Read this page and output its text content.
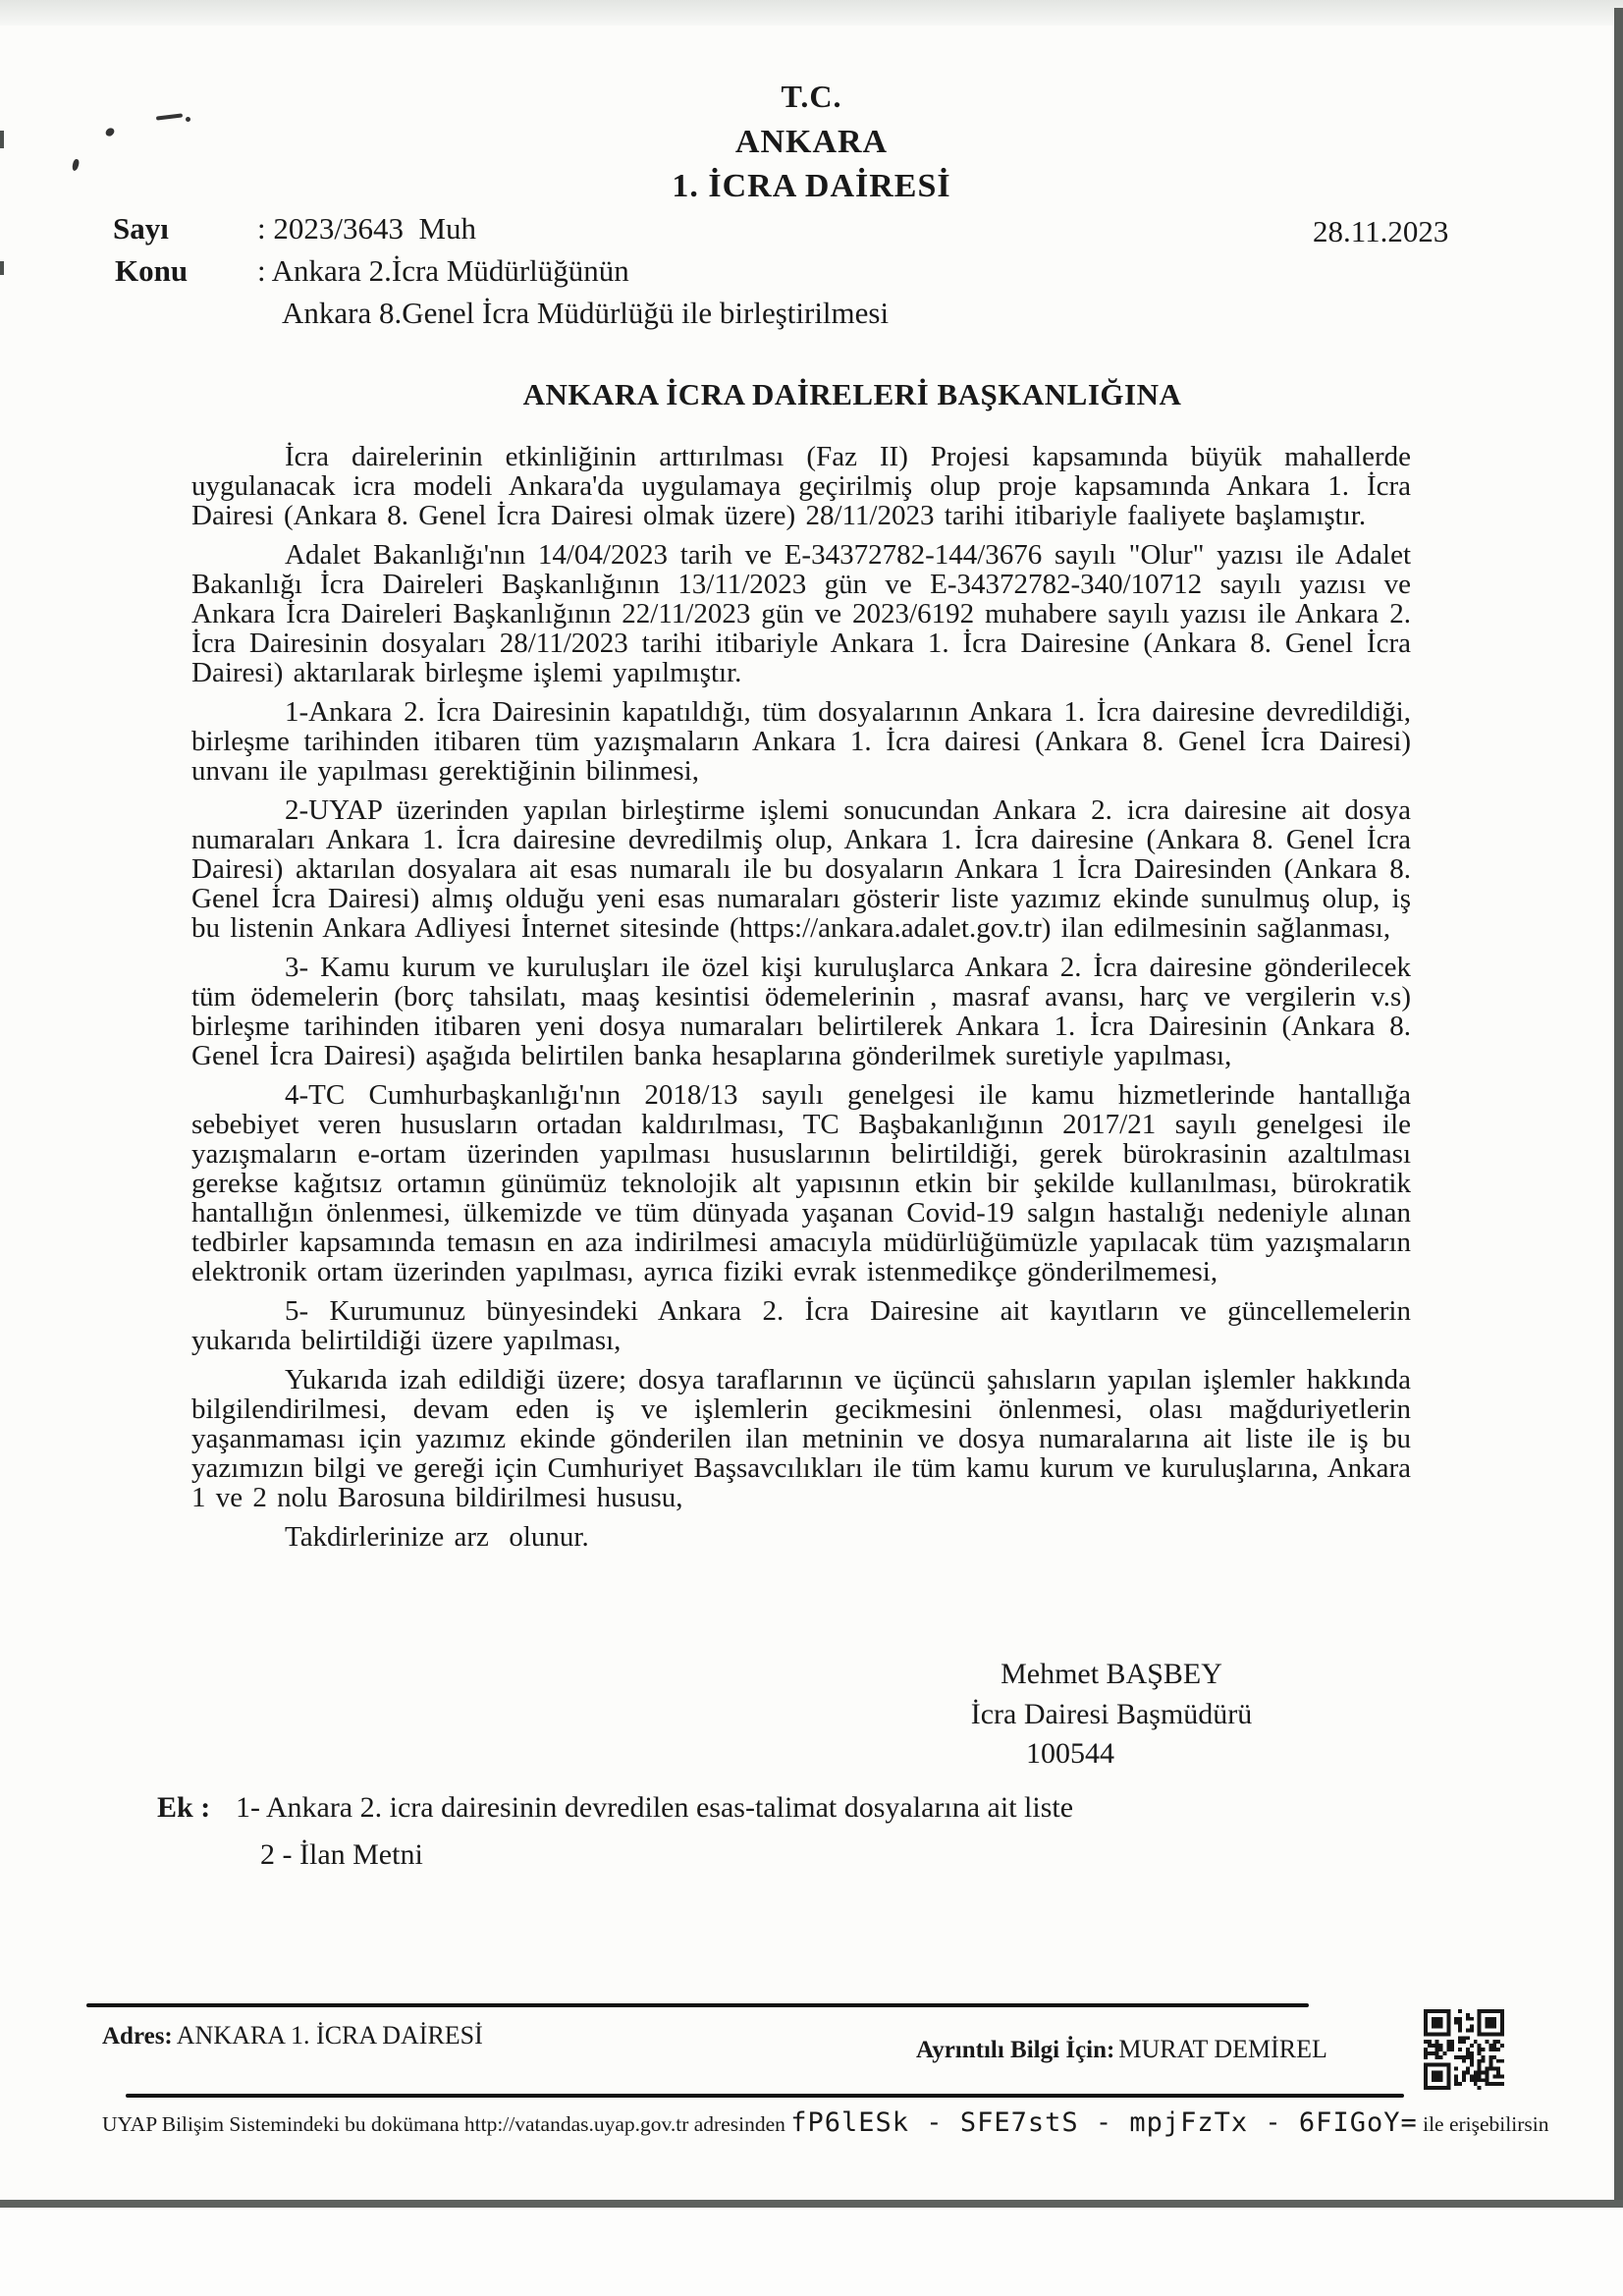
T.C.
ANKARA
1. İCRA DAİRESİ
Sayı	: 2023/3643  Muh	28.11.2023
Konu : Ankara 2.İcra Müdürlüğünün
Ankara 8.Genel İcra Müdürlüğü ile birleştirilmesi
ANKARA İCRA DAİRELERİ BAŞKANLIĞINA

İcra dairelerinin etkinliğinin arttırılması (Faz II) Projesi kapsamında büyük mahallerde uygulanacak icra modeli Ankara'da uygulamaya geçirilmiş olup proje kapsamında Ankara 1. İcra Dairesi (Ankara 8. Genel İcra Dairesi olmak üzere) 28/11/2023 tarihi itibariyle faaliyete başlamıştır.

Adalet Bakanlığı'nın 14/04/2023 tarih ve E-34372782-144/3676 sayılı "Olur" yazısı ile Adalet Bakanlığı İcra Daireleri Başkanlığının 13/11/2023 gün ve E-34372782-340/10712 sayılı yazısı ve Ankara İcra Daireleri Başkanlığının 22/11/2023 gün ve 2023/6192 muhabere sayılı yazısı ile Ankara 2. İcra Dairesinin dosyaları 28/11/2023 tarihi itibariyle Ankara 1. İcra Dairesine (Ankara 8. Genel İcra Dairesi) aktarılarak birleşme işlemi yapılmıştır.

1-Ankara 2. İcra Dairesinin kapatıldığı, tüm dosyalarının Ankara 1. İcra dairesine devredildiği, birleşme tarihinden itibaren tüm yazışmaların Ankara 1. İcra dairesi (Ankara 8. Genel İcra Dairesi) unvanı ile yapılması gerektiğinin bilinmesi,

2-UYAP üzerinden yapılan birleştirme işlemi sonucundan Ankara 2. icra dairesine ait dosya numaraları Ankara 1. İcra dairesine devredilmiş olup, Ankara 1. İcra dairesine (Ankara 8. Genel İcra Dairesi) aktarılan dosyalara ait esas numaralı ile bu dosyaların Ankara 1 İcra Dairesinden (Ankara 8. Genel İcra Dairesi) almış olduğu yeni esas numaraları gösterir liste yazımız ekinde sunulmuş olup, iş bu listenin Ankara Adliyesi İnternet sitesinde (https://ankara.adalet.gov.tr) ilan edilmesinin sağlanması,

3- Kamu kurum ve kuruluşları ile özel kişi kuruluşlarca Ankara 2. İcra dairesine gönderilecek tüm ödemelerin (borç tahsilatı, maaş kesintisi ödemelerinin , masraf avansı, harç ve vergilerin v.s) birleşme tarihinden itibaren yeni dosya numaraları belirtilerek Ankara 1. İcra Dairesinin (Ankara 8. Genel İcra Dairesi) aşağıda belirtilen banka hesaplarına gönderilmek suretiyle yapılması,

4-TC Cumhurbaşkanlığı'nın 2018/13 sayılı genelgesi ile kamu hizmetlerinde hantallığa sebebiyet veren hususların ortadan kaldırılması, TC Başbakanlığının 2017/21 sayılı genelgesi ile yazışmaların e-ortam üzerinden yapılması hususlarının belirtildiği, gerek bürokrasinin azaltılması gerekse kağıtsız ortamın günümüz teknolojik alt yapısının etkin bir şekilde kullanılması, bürokratik hantallığın önlenmesi, ülkemizde ve tüm dünyada yaşanan Covid-19 salgın hastalığı nedeniyle alınan tedbirler kapsamında temasın en aza indirilmesi amacıyla müdürlüğümüzle yapılacak tüm yazışmaların elektronik ortam üzerinden yapılması, ayrıca fiziki evrak istenmedikçe gönderilmemesi,

5- Kurumunuz bünyesindeki Ankara 2. İcra Dairesine ait kayıtların ve güncellemelerin yukarıda belirtildiği üzere yapılması,

Yukarıda izah edildiği üzere; dosya taraflarının ve üçüncü şahısların yapılan işlemler hakkında bilgilendirilmesi, devam eden iş ve işlemlerin gecikmesini önlenmesi, olası mağduriyetlerin yaşanmaması için yazımız ekinde gönderilen ilan metninin ve dosya numaralarına ait liste ile iş bu yazımızın bilgi ve gereği için Cumhuriyet Başsavcılıkları ile tüm kamu kurum ve kuruluşlarına, Ankara 1 ve 2 nolu Barosuna bildirilmesi hususu,

Takdirlerinize arz  olunur.

Mehmet BAŞBEY
İcra Dairesi Başmüdürü
100544
Ek : 1- Ankara 2. icra dairesinin devredilen esas-talimat dosyalarına ait liste
2 - İlan Metni
Adres: ANKARA 1. İCRA DAİRESİ
Ayrıntılı Bilgi İçin: MURAT DEMİREL
UYAP Bilişim Sistemindeki bu dokümana http://vatandas.uyap.gov.tr adresinden fP6lESk - SFE7stS - mpjFzTx - 6FIGoY= ile erişebilirsin
